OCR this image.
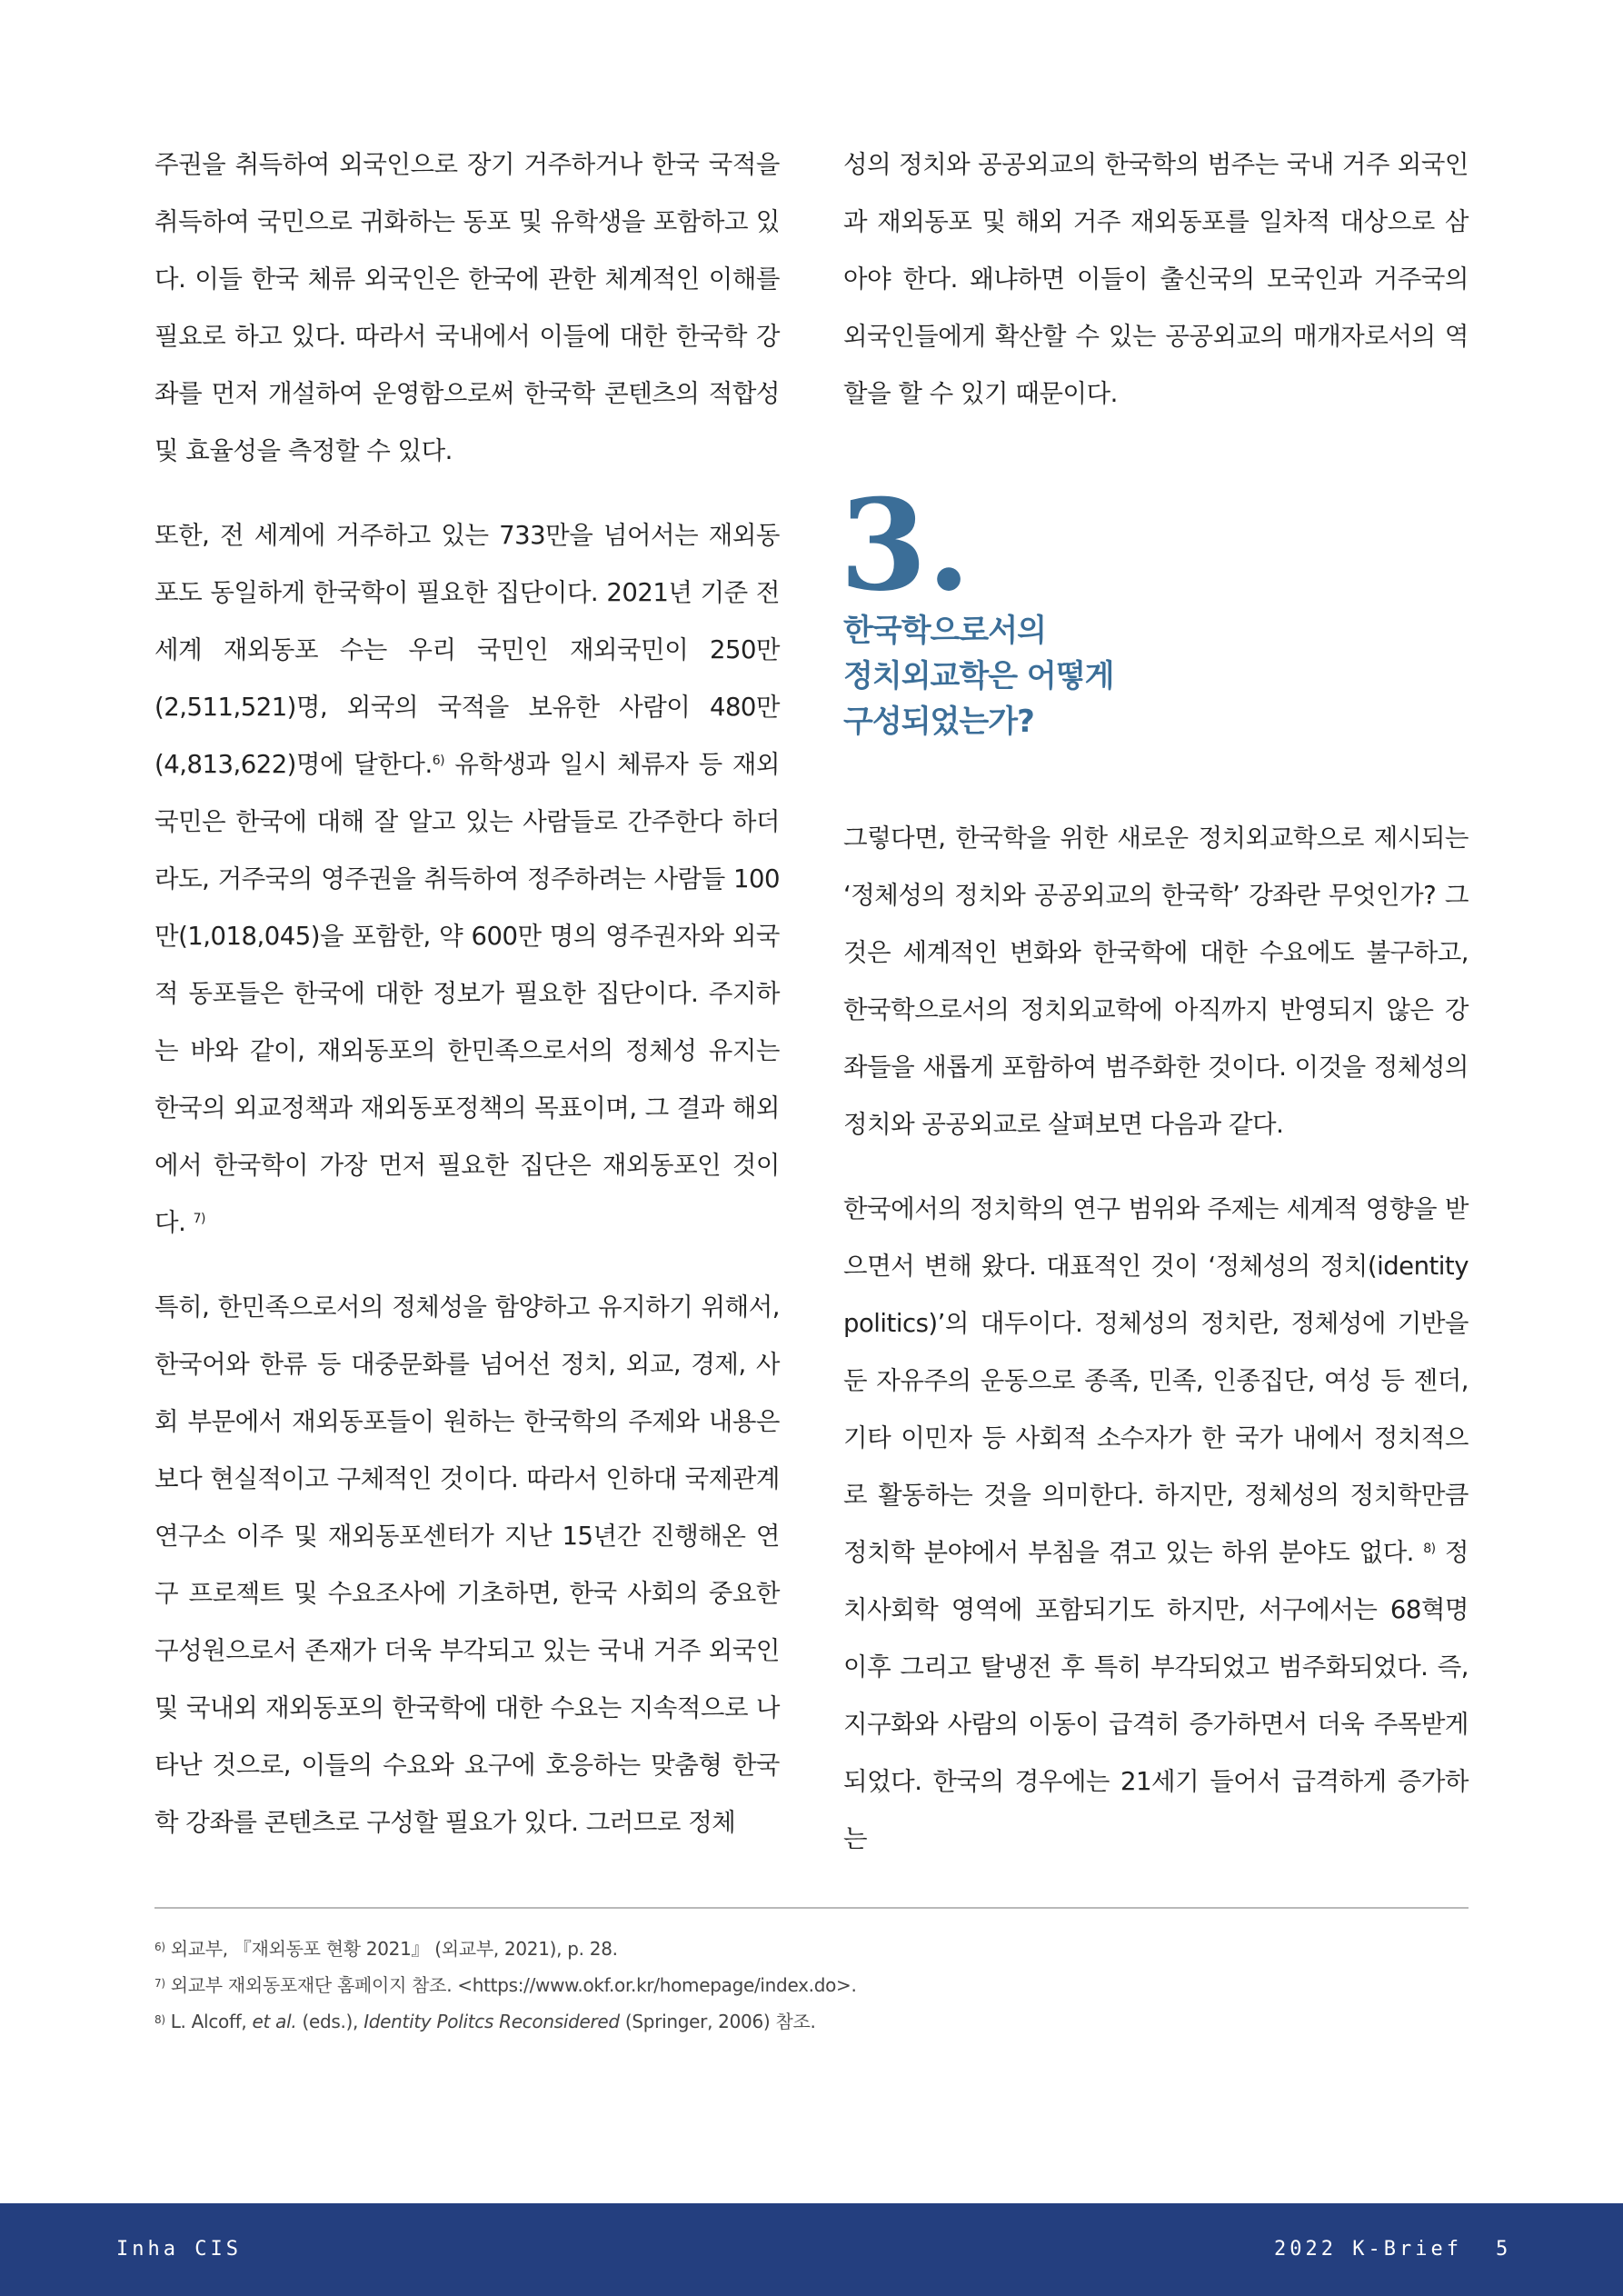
주권을 취득하여 외국인으로 장기 거주하거나 한국 국적을 취득하여 국민으로 귀화하는 동포 및 유학생을 포함하고 있다. 이들 한국 체류 외국인은 한국에 관한 체계적인 이해를 필요로 하고 있다. 따라서 국내에서 이들에 대한 한국학 강좌를 먼저 개설하여 운영함으로써 한국학 콘텐츠의 적합성 및 효율성을 측정할 수 있다.

또한, 전 세계에 거주하고 있는 733만을 넘어서는 재외동포도 동일하게 한국학이 필요한 집단이다. 2021년 기준 전 세계 재외동포 수는 우리 국민인 재외국민이 250만(2,511,521)명, 외국의 국적을 보유한 사람이 480만(4,813,622)명에 달한다.$^{6)}$ 유학생과 일시 체류자 등 재외국민은 한국에 대해 잘 알고 있는 사람들로 간주한다 하더라도, 거주국의 영주권을 취득하여 정주하려는 사람들 100만(1,018,045)을 포함한, 약 600만 명의 영주권자와 외국적 동포들은 한국에 대한 정보가 필요한 집단이다. 주지하는 바와 같이, 재외동포의 한민족으로서의 정체성 유지는 한국의 외교정책과 재외동포정책의 목표이며, 그 결과 해외에서 한국학이 가장 먼저 필요한 집단은 재외동포인 것이다. $^{7)}$

특히, 한민족으로서의 정체성을 함양하고 유지하기 위해서, 한국어와 한류 등 대중문화를 넘어선 정치, 외교, 경제, 사회 부문에서 재외동포들이 원하는 한국학의 주제와 내용은 보다 현실적이고 구체적인 것이다. 따라서 인하대 국제관계연구소 이주 및 재외동포센터가 지난 15년간 진행해온 연구 프로젝트 및 수요조사에 기초하면, 한국 사회의 중요한 구성원으로서 존재가 더욱 부각되고 있는 국내 거주 외국인 및 국내외 재외동포의 한국학에 대한 수요는 지속적으로 나타난 것으로, 이들의 수요와 요구에 호응하는 맞춤형 한국학 강좌를 콘텐츠로 구성할 필요가 있다. 그러므로 정체

성의 정치와 공공외교의 한국학의 범주는 국내 거주 외국인과 재외동포 및 해외 거주 재외동포를 일차적 대상으로 삼아야 한다. 왜냐하면 이들이 출신국의 모국인과 거주국의 외국인들에게 확산할 수 있는 공공외교의 매개자로서의 역할을 할 수 있기 때문이다.

3.
한국학으로서의
정치외교학은 어떻게
구성되었는가?

그렇다면, 한국학을 위한 새로운 정치외교학으로 제시되는 ‘정체성의 정치와 공공외교의 한국학’ 강좌란 무엇인가? 그것은 세계적인 변화와 한국학에 대한 수요에도 불구하고, 한국학으로서의 정치외교학에 아직까지 반영되지 않은 강좌들을 새롭게 포함하여 범주화한 것이다. 이것을 정체성의 정치와 공공외교로 살펴보면 다음과 같다.

한국에서의 정치학의 연구 범위와 주제는 세계적 영향을 받으면서 변해 왔다. 대표적인 것이 ‘정체성의 정치(identity politics)’의 대두이다. 정체성의 정치란, 정체성에 기반을 둔 자유주의 운동으로 종족, 민족, 인종집단, 여성 등 젠더, 기타 이민자 등 사회적 소수자가 한 국가 내에서 정치적으로 활동하는 것을 의미한다. 하지만, 정체성의 정치학만큼 정치학 분야에서 부침을 겪고 있는 하위 분야도 없다. $^{8)}$ 정치사회학 영역에 포함되기도 하지만, 서구에서는 68혁명 이후 그리고 탈냉전 후 특히 부각되었고 범주화되었다. 즉, 지구화와 사람의 이동이 급격히 증가하면서 더욱 주목받게 되었다. 한국의 경우에는 21세기 들어서 급격하게 증가하는

$^{6)}$ 외교부, 『재외동포 현황 2021』 (외교부, 2021), p. 28.
$^{7)}$ 외교부 재외동포재단 홈페이지 참조. <https://www.okf.or.kr/homepage/index.do>.
$^{8)}$ L. Alcoff, et al. (eds.), Identity Politcs Reconsidered (Springer, 2006) 참조.
Inha CIS	2022 K-Brief 5
